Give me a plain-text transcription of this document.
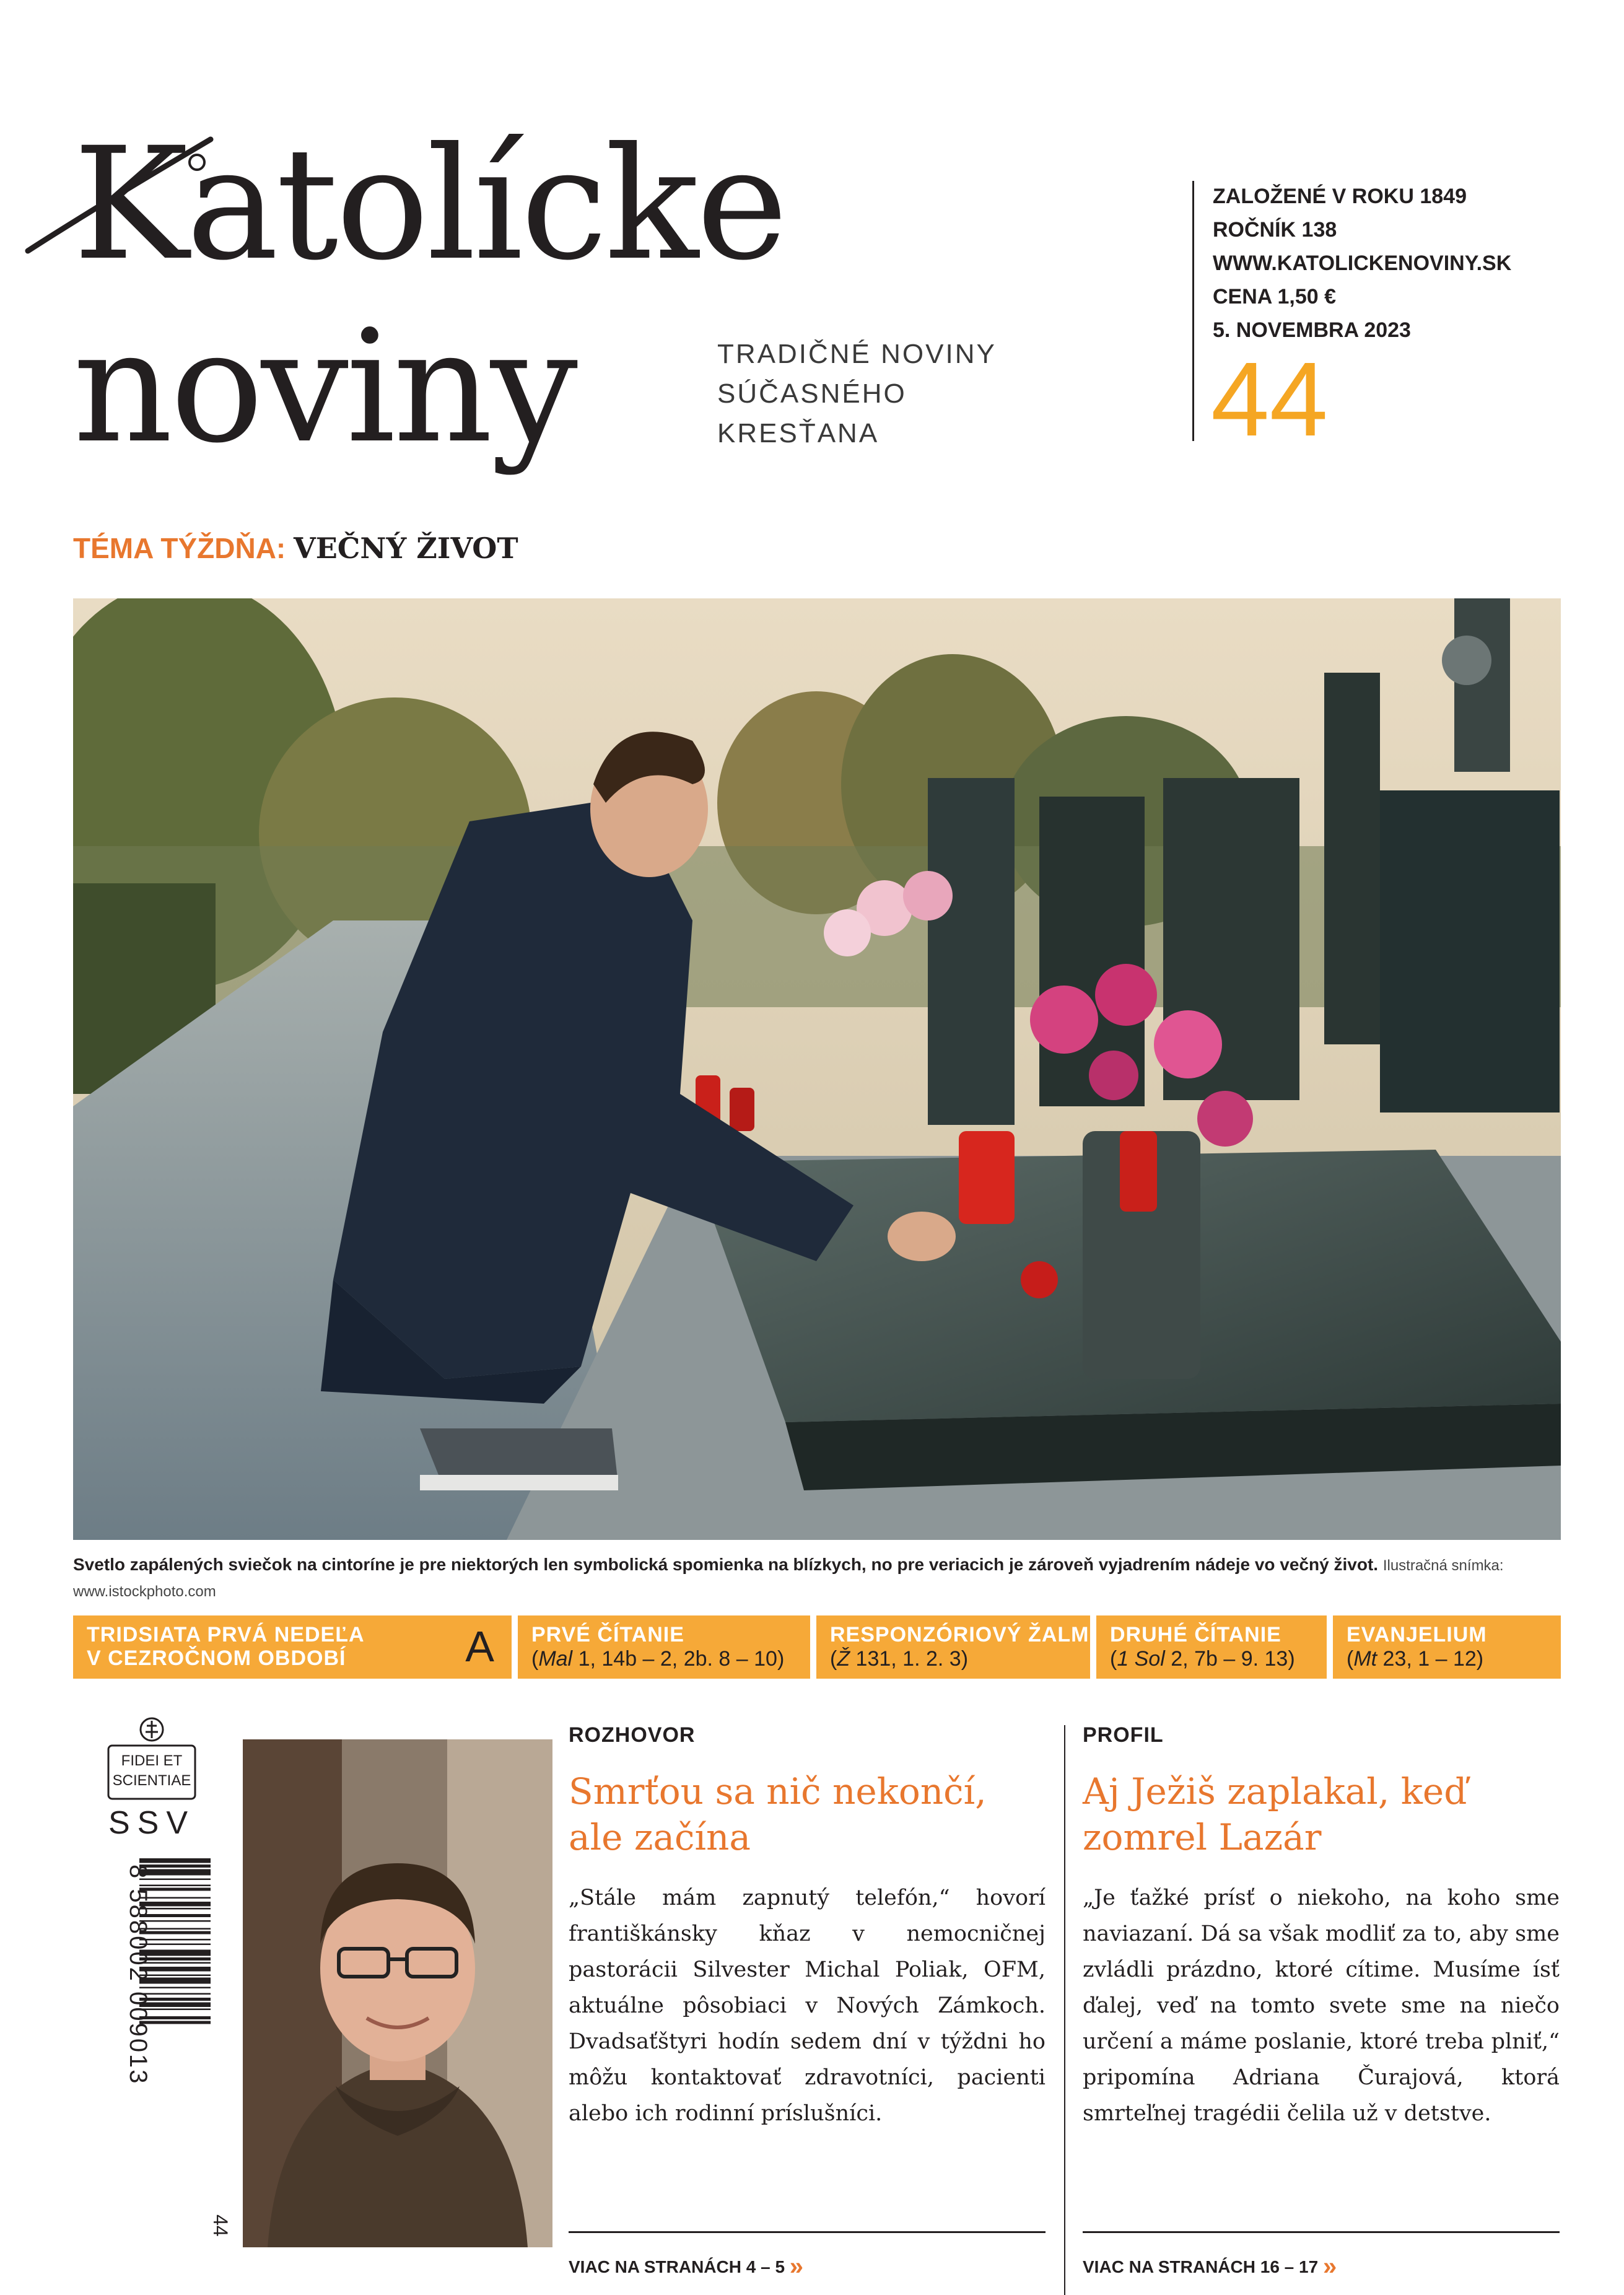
Katolícke
noviny	TRADIČNÉ NOVINY
SÚČASNÉHO
KRESŤANA
ZALOŽENÉ V ROKU 1849
ROČNÍK 138
WWW.KATOLICKENOVINY.SK
CENA 1,50 €
5. NOVEMBRA 2023
44
TÉMA TÝŽDŇA: VEČNÝ ŽIVOT
Svetlo zapálených sviečok na cintoríne je pre niektorých len symbolická spomienka na blízkych, no pre veriacich je zároveň vyjadrením nádeje vo večný život. Ilustračná snímka: www.istockphoto.com
TRIDSIATA PRVÁ NEDEĽA
V CEZROČNOM OBDOBÍ	A PRVÉ ČÍTANIE
(Mal 1, 14b – 2, 2b. 8 – 10)
RESPONZÓRIOVÝ ŽALM
(Ž 131, 1. 2. 3)
DRUHÉ ČÍTANIE
(1 Sol 2, 7b – 9. 13)
EVANJELIUM
(Mt 23, 1 – 12)
FIDEI ET
SCIENTIAE
SSV
8 588002 009013
44
ROZHOVOR
Smrťou sa nič nekončí, ale začína
„Stále mám zapnutý telefón,“ hovorí františkánsky kňaz v nemocničnej pastorácii Silvester Michal Poliak, OFM, aktuálne pôsobiaci v Nových Zámkoch. Dvadsaťštyri hodín sedem dní v týždni ho môžu kontaktovať zdravotníci, pacienti alebo ich rodinní príslušníci.
VIAC NA STRANÁCH 4 – 5 »
PROFIL
Aj Ježiš zaplakal, keď zomrel Lazár
„Je ťažké prísť o niekoho, na koho sme naviazaní. Dá sa však modliť za to, aby sme zvládli prázdno, ktoré cítime. Musíme ísť ďalej, veď na tomto svete sme na niečo určení a máme poslanie, ktoré treba plniť,“ pripomína Adriana Čurajová, ktorá smrteľnej tragédii čelila už v detstve.
VIAC NA STRANÁCH 16 – 17 »
